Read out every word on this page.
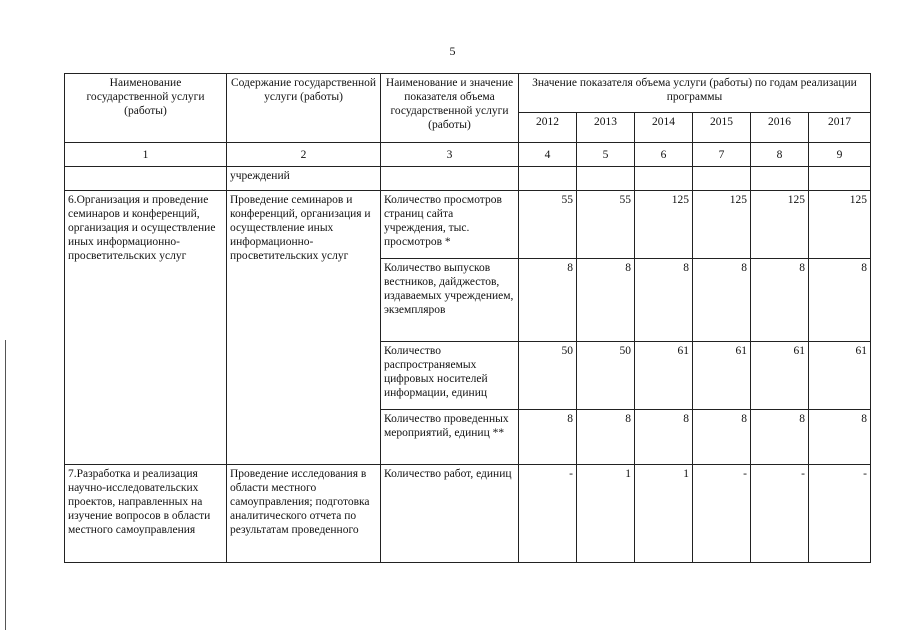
5
Наименование государственной услуги (работы)	Содержание государственной услуги (работы)	Наименование и значение показателя объема государственной услуги (работы)	Значение показателя объема услуги (работы) по годам реализации программы					
			2012	2013	2014	2015	2016	2017
1	2	3	4	5	6	7	8	9
	учреждений							
6.Организация и проведение семинаров и конференций, организация и осуществление иных информационно-просветительских услуг	Проведение семинаров и конференций, организация и осуществление иных информационно-просветительских услуг	Количество просмотров страниц сайта учреждения, тыс. просмотров *	55	55	125	125	125	125
		Количество выпусков вестников, дайджестов, издаваемых учреждением, экземпляров	8	8	8	8	8	8
		Количество распространяемых цифровых носителей информации, единиц	50	50	61	61	61	61
		Количество проведенных мероприятий, единиц **	8	8	8	8	8	8
7.Разработка и реализация научно-исследовательских проектов, направленных на изучение вопросов в области местного самоуправления	Проведение исследования в области местного самоуправления; подготовка аналитического отчета по результатам проведенного	Количество работ, единиц	-	1	1	-	-	-
